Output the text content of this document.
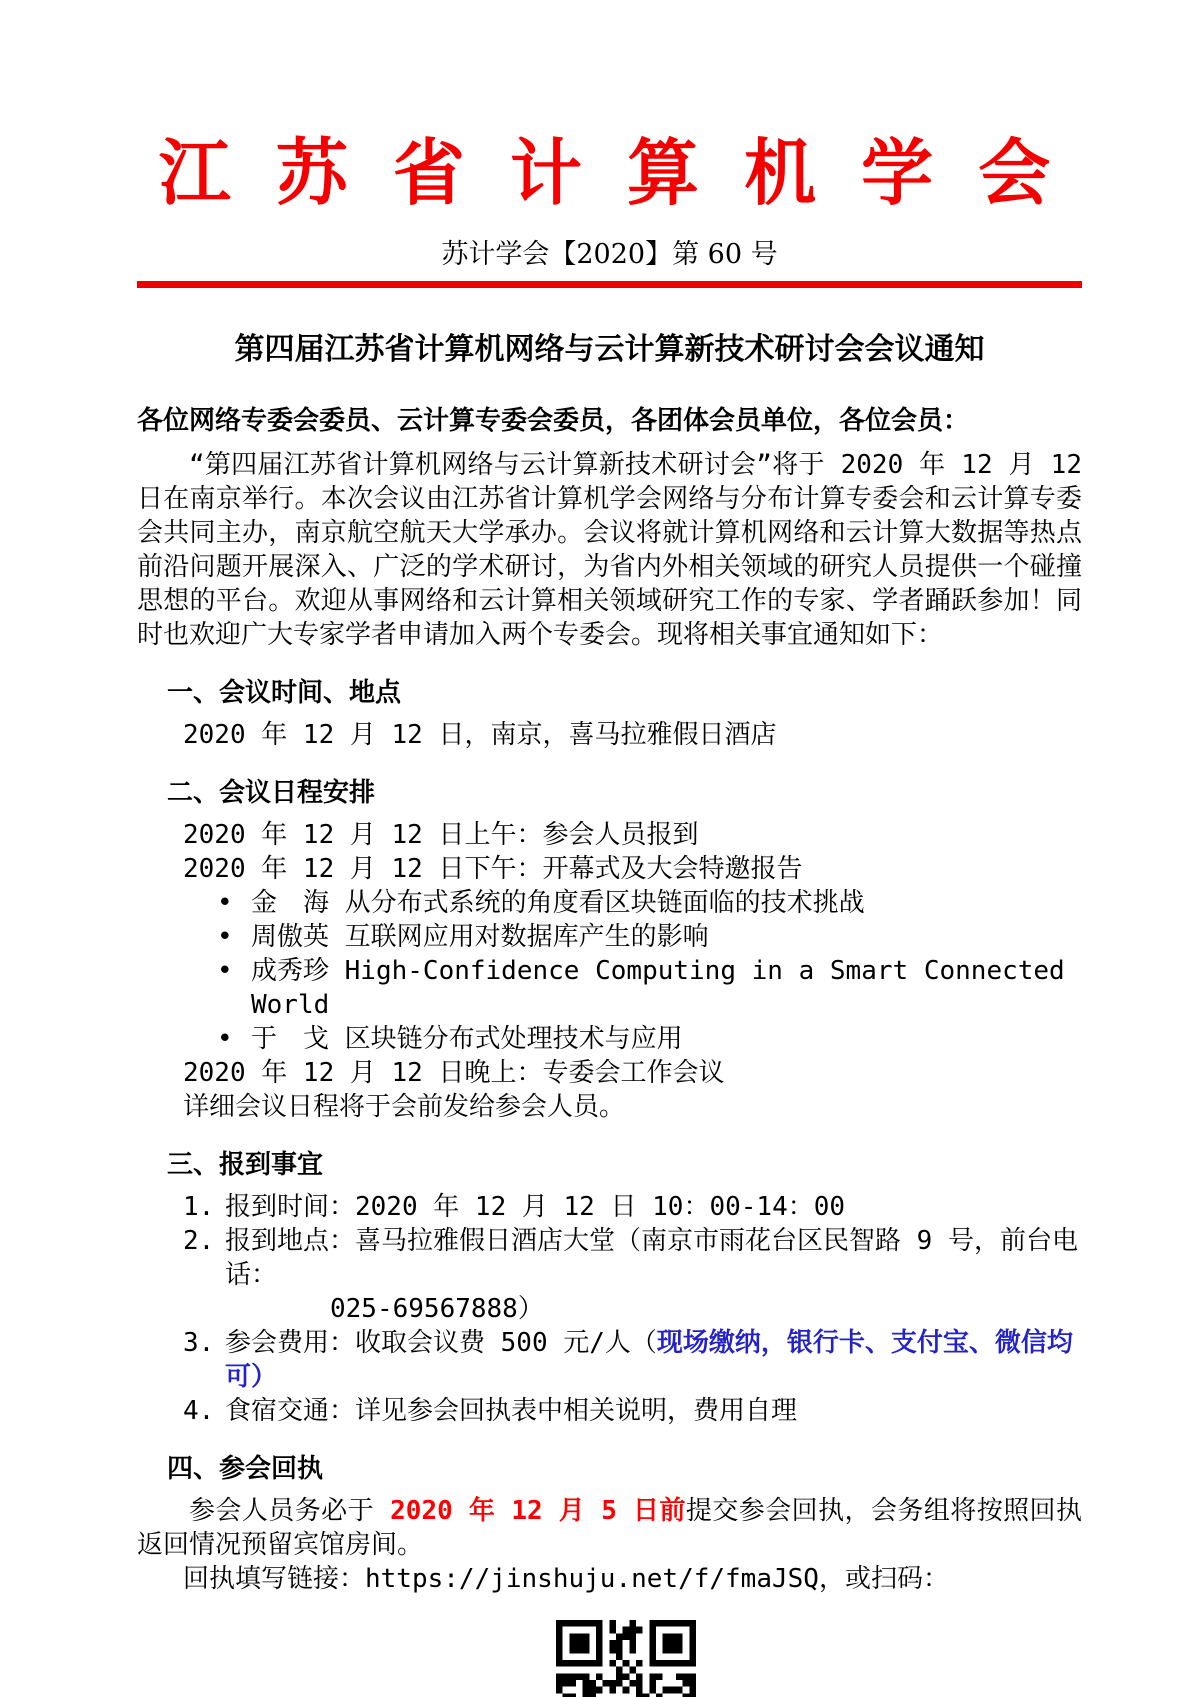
江 苏 省 计 算 机 学 会
苏计学会【2020】第 60 号
第四届江苏省计算机网络与云计算新技术研讨会会议通知
各位网络专委会委员、云计算专委会委员，各团体会员单位，各位会员：
“第四届江苏省计算机网络与云计算新技术研讨会”将于 2020 年 12 月 12 日在南京举行。本次会议由江苏省计算机学会网络与分布计算专委会和云计算专委会共同主办，南京航空航天大学承办。会议将就计算机网络和云计算大数据等热点前沿问题开展深入、广泛的学术研讨，为省内外相关领域的研究人员提供一个碰撞思想的平台。欢迎从事网络和云计算相关领域研究工作的专家、学者踊跃参加！同时也欢迎广大专家学者申请加入两个专委会。现将相关事宜通知如下：
一、会议时间、地点
2020 年 12 月 12 日，南京，喜马拉雅假日酒店
二、会议日程安排
2020 年 12 月 12 日上午：参会人员报到
2020 年 12 月 12 日下午：开幕式及大会特邀报告
• 金　海 从分布式系统的角度看区块链面临的技术挑战
• 周傲英 互联网应用对数据库产生的影响
• 成秀珍 High-Confidence Computing in a Smart Connected World
• 于　戈 区块链分布式处理技术与应用
2020 年 12 月 12 日晚上：专委会工作会议
详细会议日程将于会前发给参会人员。
三、报到事宜
1. 报到时间：2020 年 12 月 12 日 10：00-14：00
2. 报到地点：喜马拉雅假日酒店大堂（南京市雨花台区民智路 9 号，前台电话：
025-69567888）
3. 参会费用：收取会议费 500 元/人（现场缴纳，银行卡、支付宝、微信均可）
4. 食宿交通：详见参会回执表中相关说明，费用自理
四、参会回执
参会人员务必于 2020 年 12 月 5 日前提交参会回执，会务组将按照回执返回情况预留宾馆房间。
回执填写链接：https://jinshuju.net/f/fmaJSQ，或扫码：
